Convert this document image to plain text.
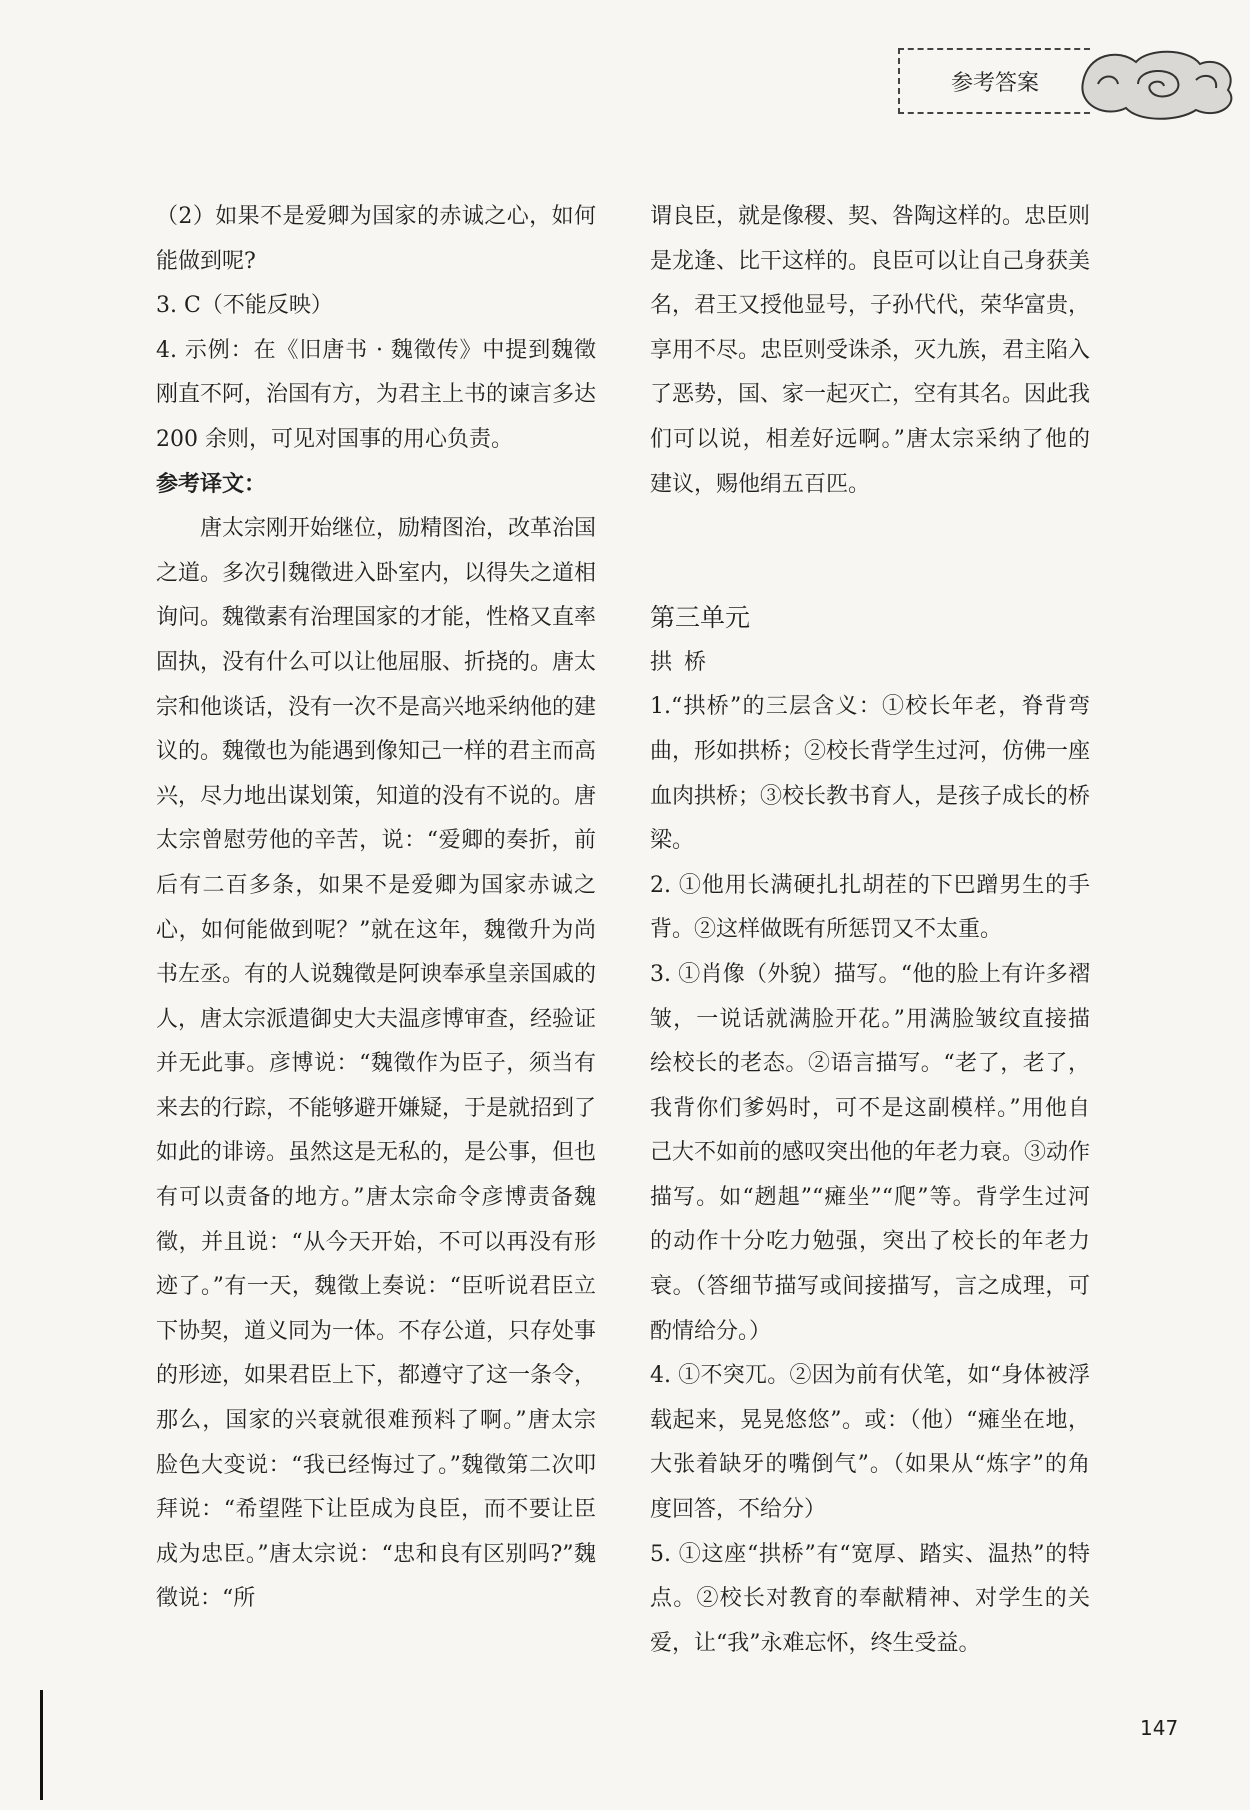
参考答案

（2）如果不是爱卿为国家的赤诚之心，如何能做到呢?

3. C（不能反映）

4. 示例：在《旧唐书 · 魏徵传》中提到魏徵刚直不阿，治国有方，为君主上书的谏言多达 200 余则，可见对国事的用心负责。

参考译文：

唐太宗刚开始继位，励精图治，改革治国之道。多次引魏徵进入卧室内，以得失之道相询问。魏徵素有治理国家的才能，性格又直率固执，没有什么可以让他屈服、折挠的。唐太宗和他谈话，没有一次不是高兴地采纳他的建议的。魏徵也为能遇到像知己一样的君主而高兴，尽力地出谋划策，知道的没有不说的。唐太宗曾慰劳他的辛苦，说：“爱卿的奏折，前后有二百多条，如果不是爱卿为国家赤诚之心，如何能做到呢？”就在这年，魏徵升为尚书左丞。有的人说魏徵是阿谀奉承皇亲国戚的人，唐太宗派遣御史大夫温彦博审查，经验证并无此事。彦博说：“魏徵作为臣子，须当有来去的行踪，不能够避开嫌疑，于是就招到了如此的诽谤。虽然这是无私的，是公事，但也有可以责备的地方。”唐太宗命令彦博责备魏徵，并且说：“从今天开始，不可以再没有形迹了。”有一天，魏徵上奏说：“臣听说君臣立下协契，道义同为一体。不存公道，只存处事的形迹，如果君臣上下，都遵守了这一条令，那么，国家的兴衰就很难预料了啊。”唐太宗脸色大变说：“我已经悔过了。”魏徵第二次叩拜说：“希望陛下让臣成为良臣，而不要让臣成为忠臣。”唐太宗说：“忠和良有区别吗?”魏徵说：“所

谓良臣，就是像稷、契、咎陶这样的。忠臣则是龙逢、比干这样的。良臣可以让自己身获美名，君王又授他显号，子孙代代，荣华富贵，享用不尽。忠臣则受诛杀，灭九族，君主陷入了恶势，国、家一起灭亡，空有其名。因此我们可以说，相差好远啊。”唐太宗采纳了他的建议，赐他绢五百匹。

第三单元

拱桥

1.“拱桥”的三层含义：①校长年老，脊背弯曲，形如拱桥；②校长背学生过河，仿佛一座血肉拱桥；③校长教书育人，是孩子成长的桥梁。

2. ①他用长满硬扎扎胡茬的下巴蹭男生的手背。②这样做既有所惩罚又不太重。

3. ①肖像（外貌）描写。“他的脸上有许多褶皱，一说话就满脸开花。”用满脸皱纹直接描绘校长的老态。②语言描写。“老了，老了，我背你们爹妈时，可不是这副模样。”用他自己大不如前的感叹突出他的年老力衰。③动作描写。如“趔趄”“瘫坐”“爬”等。背学生过河的动作十分吃力勉强，突出了校长的年老力衰。（答细节描写或间接描写，言之成理，可酌情给分。）

4. ①不突兀。②因为前有伏笔，如“身体被浮载起来，晃晃悠悠”。或：（他）“瘫坐在地，大张着缺牙的嘴倒气”。（如果从“炼字”的角度回答，不给分）

5. ①这座“拱桥”有“宽厚、踏实、温热”的特点。②校长对教育的奉献精神、对学生的关爱，让“我”永难忘怀，终生受益。

147
